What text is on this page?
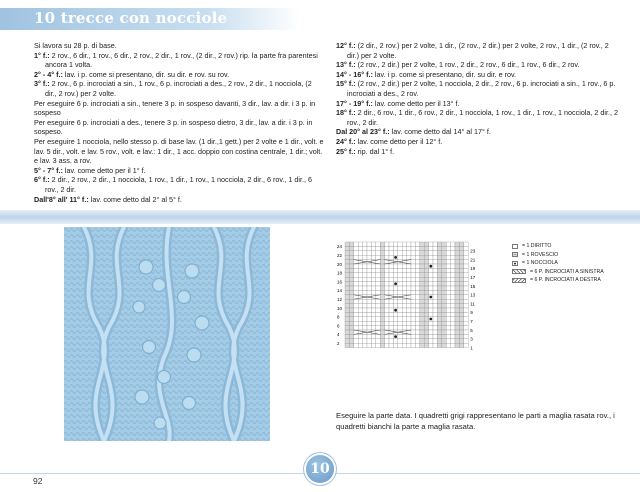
10 trecce con nocciole

Si lavora su 28 p. di base.

1° f.: 2 rov., 6 dir., 1 rov., 6 dir., 2 rov., 2 dir., 1 rov., (2 dir., 2 rov.) rip. la parte fra parentesi ancora 1 volta.

2° - 4° f.: lav. i p. come si presentano, dir. su dir. e rov. su rov.

3° f.: 2 rov., 6 p. incrociati a sin., 1 rov., 6 p. incrociati a des., 2 rov., 2 dir., 1 nocciola, (2 dir., 2 rov.) per 2 volte.

Per eseguire 6 p. incrociati a sin., tenere 3 p. in sospeso davanti, 3 dir., lav. a dir. i 3 p. in sospeso

Per eseguire 6 p. incrociati a des., tenere 3 p. in sospeso dietro, 3 dir., lav. a dir. i 3 p. in sospeso.

Per eseguire 1 nocciola, nello stesso p. di base lav. (1 dir.,1 gett.) per 2 volte e 1 dir., volt. e lav. 5 dir., volt. e lav. 5 rov., volt. e lav.: 1 dir., 1 acc. doppio con costina centrale, 1 dir.; volt. e lav. 3 ass. a rov.

5° - 7° f.: lav. come detto per il 1° f.

6° f.: 2 dir., 2 rov., 2 dir., 1 nocciola, 1 rov., 1 dir., 1 rov., 1 nocciola, 2 dir., 6 rov., 1 dir., 6 rov., 2 dir.

Dall'8° all' 11° f.: lav. come detto dal 2° al 5° f.

12° f.: (2 dir., 2 rov.) per 2 volte, 1 dir., (2 rov., 2 dir.) per 2 volte, 2 rov., 1 dir., (2 rov., 2 dir.) per 2 volte.

13° f.: (2 rov., 2 dir.) per 2 volte, 1 rov., 2 dir., 2 rov., 6 dir., 1 rov., 6 dir., 2 rov.

14° - 16° f.: lav. i p. come si presentano, dir. su dir. e rov.

15° f.: (2 rov., 2 dir.) per 2 volte, 1 nocciola, 2 dir., 2 rov., 6 p. incrociati a sin., 1 rov., 6 p. incrociati a des., 2 rov.

17° - 19° f.: lav. come detto per il 13° f.

18° f.: 2 dir., 6 rov., 1 dir., 6 rov., 2 dir., 1 nocciola, 1 rov., 1 dir., 1 rov., 1 nocciola, 2 dir., 2 rov., 2 dir.

Dal 20° al 23° f.: lav. come detto dal 14° al 17° f.

24° f.: lav. come detto per il 12° f.

25° f.: rip. dal 1° f.

24
22
20
18
16
14
12
10
8
6
4
2
23
21
19
17
15
13
11
9
7
5
3
1
= 1 DIRITTO
–	= 1 ROVESCIO
●	= 1 NOCCIOLA
= 6 P. INCROCIATI A SINISTRA
= 6 P. INCROCIATI A DESTRA
Eseguire la parte data. I quadretti grigi rappresentano le parti a maglia rasata rov., i quadretti bianchi la parte a maglia rasata.
92
10
